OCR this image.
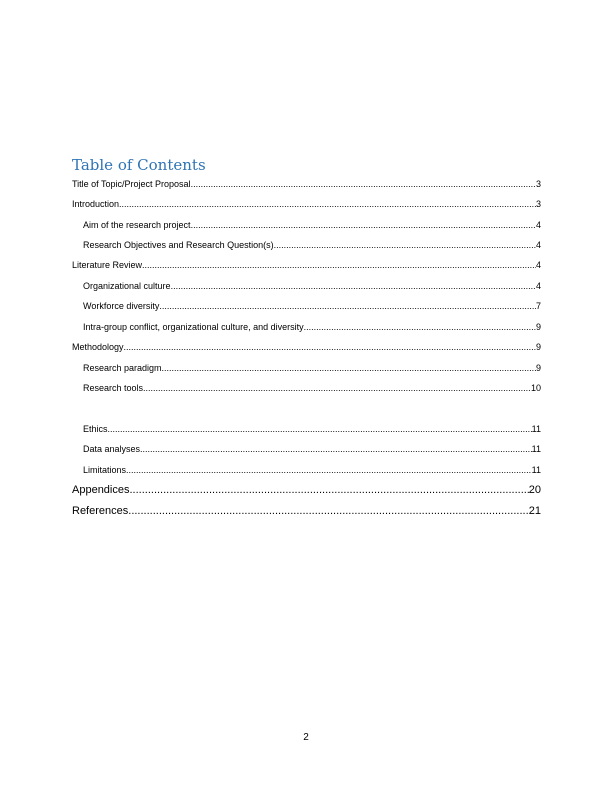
Table of Contents
Title of Topic/Project Proposal .....	3
Introduction .....	3
Aim of the research project .....	4
Research Objectives and Research Question(s) .....	4
Literature Review .....	4
Organizational culture .....	4
Workforce diversity .....	7
Intra-group conflict, organizational culture, and diversity .....	9
Methodology .....	9
Research paradigm .....	9
Research tools .....	10
Ethics .....	11
Data analyses .....	11
Limitations .....	11
Appendices .....	20
References .....	21
2
